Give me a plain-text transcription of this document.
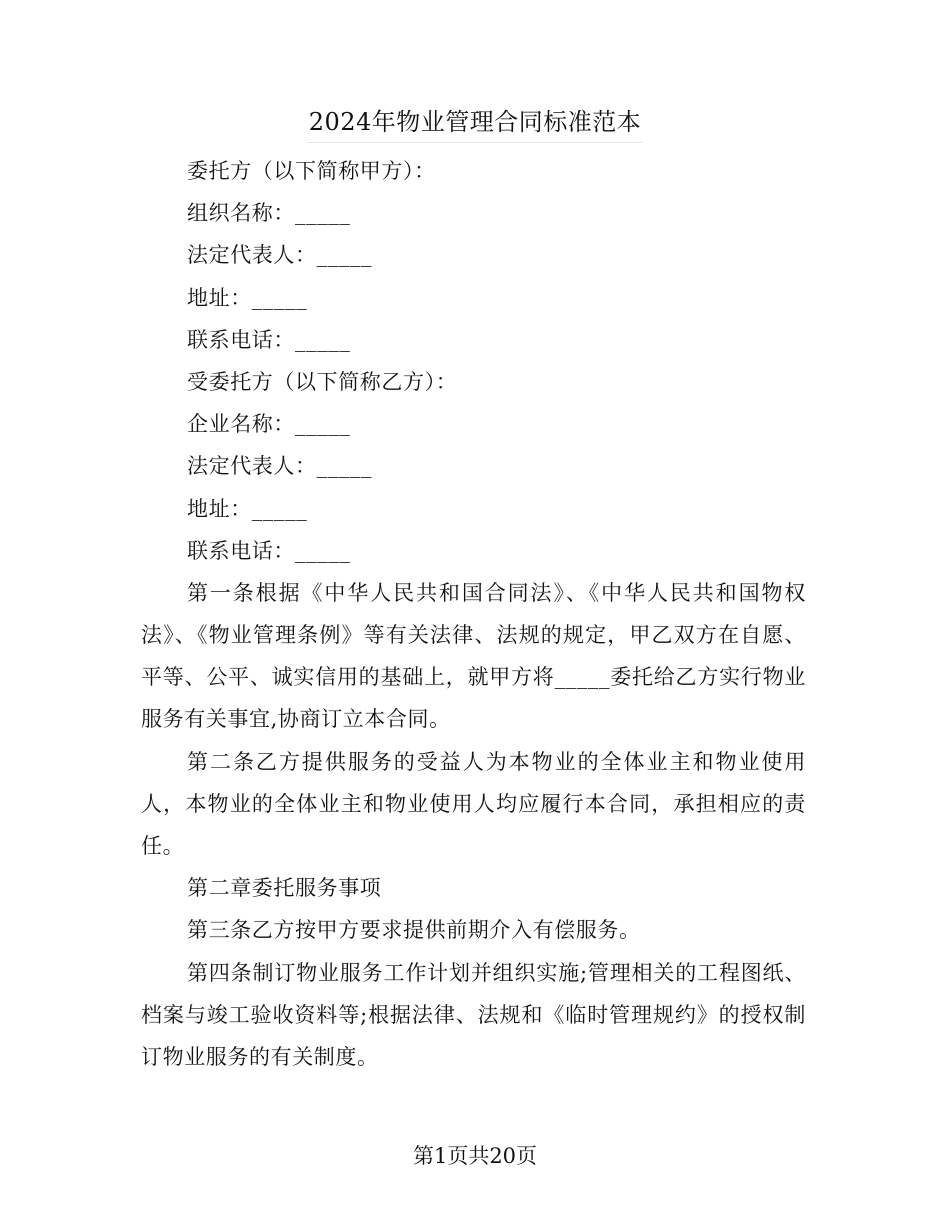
2024年物业管理合同标准范本
委托方（以下简称甲方）：
组织名称：_____
法定代表人：_____
地址：_____
联系电话：_____
受委托方（以下简称乙方）：
企业名称：_____
法定代表人：_____
地址：_____
联系电话：_____
第一条根据《中华人民共和国合同法》、《中华人民共和国物权法》、《物业管理条例》等有关法律、法规的规定，甲乙双方在自愿、平等、公平、诚实信用的基础上，就甲方将_____委托给乙方实行物业服务有关事宜,协商订立本合同。
第二条乙方提供服务的受益人为本物业的全体业主和物业使用人，本物业的全体业主和物业使用人均应履行本合同，承担相应的责任。
第二章委托服务事项
第三条乙方按甲方要求提供前期介入有偿服务。
第四条制订物业服务工作计划并组织实施;管理相关的工程图纸、档案与竣工验收资料等;根据法律、法规和《临时管理规约》的授权制订物业服务的有关制度。
第1页共20页
